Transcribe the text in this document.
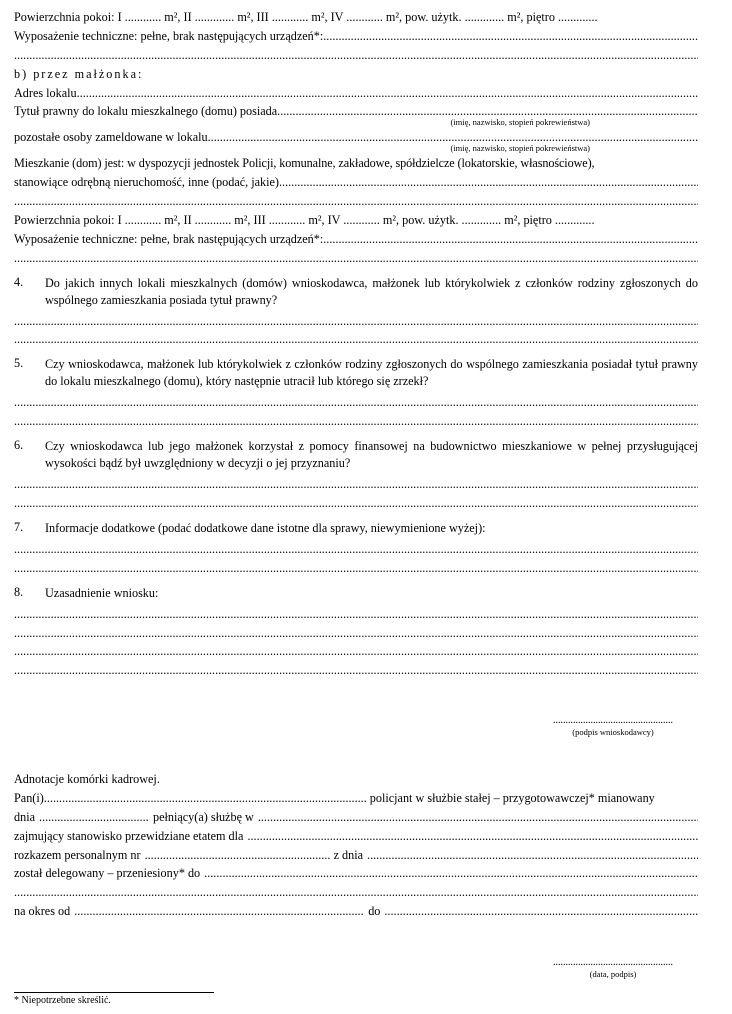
Powierzchnia pokoi: I ............ m², II ............. m², III ............ m², IV ............ m², pow. użytk. ............. m², piętro .............
Wyposażenie techniczne: pełne, brak następujących urządzeń*:
.....
.....
b) przez małżonka:
Adres lokalu
.....
Tytuł prawny do lokalu mieszkalnego (domu) posiada
.....
(imię, nazwisko, stopień pokrewieństwa)
pozostałe osoby zameldowane w lokalu
.....
(imię, nazwisko, stopień pokrewieństwa)
Mieszkanie (dom) jest: w dyspozycji jednostek Policji, komunalne, zakładowe, spółdzielcze (lokatorskie, własnościowe),
stanowiące odrębną nieruchomość, inne (podać, jakie)
.....
.....
Powierzchnia pokoi: I ............ m², II ............ m², III ............ m², IV ............ m², pow. użytk. ............. m², piętro .............
Wyposażenie techniczne: pełne, brak następujących urządzeń*:
.....
.....
4.	Do jakich innych lokali mieszkalnych (domów) wnioskodawca, małżonek lub którykolwiek z członków rodziny zgłoszonych do wspólnego zamieszkania posiada tytuł prawny?
.....
.....
5.	Czy wnioskodawca, małżonek lub którykolwiek z członków rodziny zgłoszonych do wspólnego zamieszkania posiadał tytuł prawny do lokalu mieszkalnego (domu), który następnie utracił lub którego się zrzekł?
.....
.....
6.	Czy wnioskodawca lub jego małżonek korzystał z pomocy finansowej na budownictwo mieszkaniowe w pełnej przysługującej wysokości bądź był uwzględniony w decyzji o jej przyznaniu?
.....
.....
7.	Informacje dodatkowe (podać dodatkowe dane istotne dla sprawy, niewymienione wyżej):
.....
.....
8.	Uzasadnienie wniosku:
.....
.....
.....
.....
................................................
(podpis wnioskodawcy)
Adnotacje komórki kadrowej.
Pan(i) .....	policjant w służbie stałej – przygotowawczej* mianowany
dnia .....	pełniący(a) służbę w
.....
zajmujący stanowisko przewidziane etatem dla
.....
rozkazem personalnym nr .....	z dnia
.....
został delegowany – przeniesiony* do
.....
.....
na okres od .....	do
.....
................................................
(data, podpis)
* Niepotrzebne skreślić.
